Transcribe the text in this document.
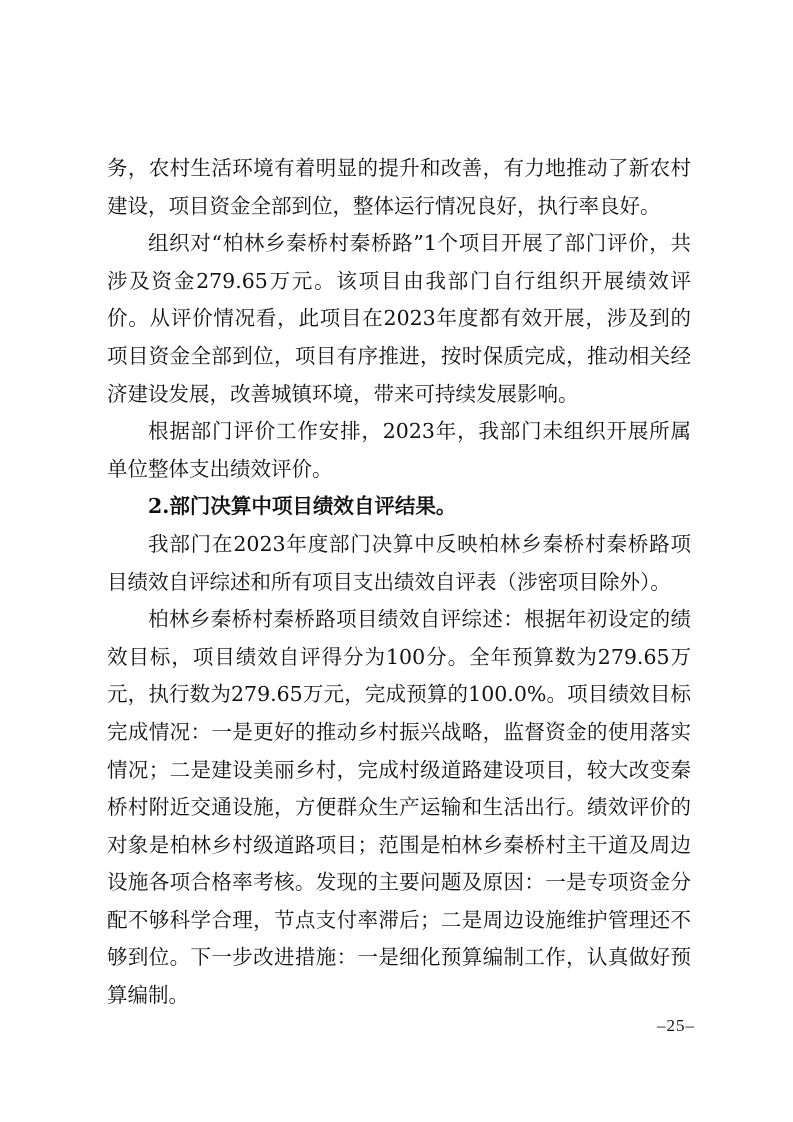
务，农村生活环境有着明显的提升和改善，有力地推动了新农村建设，项目资金全部到位，整体运行情况良好，执行率良好。

组织对“柏林乡秦桥村秦桥路”1个项目开展了部门评价，共涉及资金279.65万元。该项目由我部门自行组织开展绩效评价。从评价情况看，此项目在2023年度都有效开展，涉及到的项目资金全部到位，项目有序推进，按时保质完成，推动相关经济建设发展，改善城镇环境，带来可持续发展影响。

根据部门评价工作安排，2023年，我部门未组织开展所属单位整体支出绩效评价。

2.部门决算中项目绩效自评结果。

我部门在2023年度部门决算中反映柏林乡秦桥村秦桥路项目绩效自评综述和所有项目支出绩效自评表（涉密项目除外）。

柏林乡秦桥村秦桥路项目绩效自评综述：根据年初设定的绩效目标，项目绩效自评得分为100分。全年预算数为279.65万元，执行数为279.65万元，完成预算的100.0%。项目绩效目标完成情况：一是更好的推动乡村振兴战略，监督资金的使用落实情况；二是建设美丽乡村，完成村级道路建设项目，较大改变秦桥村附近交通设施，方便群众生产运输和生活出行。绩效评价的对象是柏林乡村级道路项目；范围是柏林乡秦桥村主干道及周边设施各项合格率考核。发现的主要问题及原因：一是专项资金分配不够科学合理，节点支付率滞后；二是周边设施维护管理还不够到位。下一步改进措施：一是细化预算编制工作，认真做好预算编制。

–25–
